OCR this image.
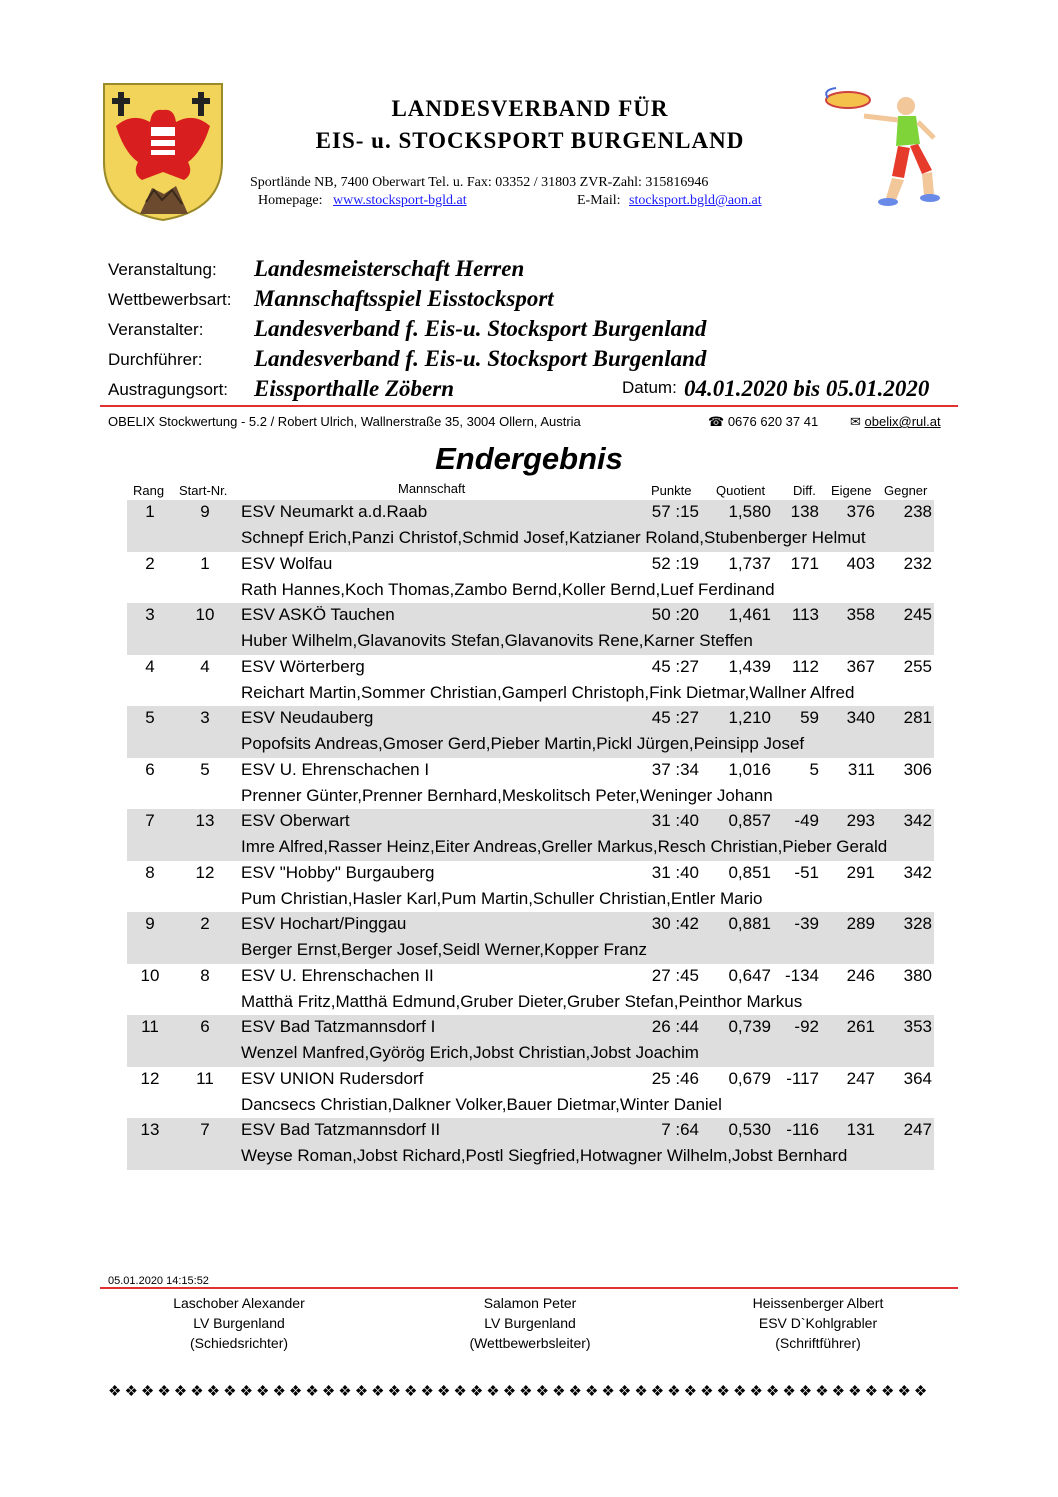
LANDESVERBAND FÜR
EIS- u. STOCKSPORT BURGENLAND
Sportlände NB, 7400 Oberwart Tel. u. Fax: 03352 / 31803 ZVR-Zahl: 315816946
Homepage: www.stocksport-bgld.at	E-Mail: stocksport.bgld@aon.at
Veranstaltung: Landesmeisterschaft Herren
Wettbewerbsart: Mannschaftsspiel Eisstocksport
Veranstalter: Landesverband f. Eis-u. Stocksport Burgenland
Durchführer: Landesverband f. Eis-u. Stocksport Burgenland
Austragungsort: Eissporthalle Zöbern	Datum: 04.01.2020 bis 05.01.2020
OBELIX Stockwertung - 5.2 / Robert Ulrich, Wallnerstraße 35, 3004 Ollern, Austria	☎ 0676 620 37 41 ✉ obelix@rul.at
Endergebnis
Rang Start-Nr.	Mannschaft	Punkte Quotient Diff. Eigene Gegner
1	9	ESV Neumarkt a.d.Raab	57 :15	1,580	138	376	238
Schnepf Erich,Panzi Christof,Schmid Josef,Katzianer Roland,Stubenberger Helmut
2	1	ESV Wolfau	52 :19	1,737	171	403	232
Rath Hannes,Koch Thomas,Zambo Bernd,Koller Bernd,Luef Ferdinand
3	10	ESV ASKÖ Tauchen	50 :20	1,461	113	358	245
Huber Wilhelm,Glavanovits Stefan,Glavanovits Rene,Karner Steffen
4	4	ESV Wörterberg	45 :27	1,439	112	367	255
Reichart Martin,Sommer Christian,Gamperl Christoph,Fink Dietmar,Wallner Alfred
5	3	ESV Neudauberg	45 :27	1,210	59	340	281
Popofsits Andreas,Gmoser Gerd,Pieber Martin,Pickl Jürgen,Peinsipp Josef
6	5	ESV U. Ehrenschachen I	37 :34	1,016	5	311	306
Prenner Günter,Prenner Bernhard,Meskolitsch Peter,Weninger Johann
7	13	ESV Oberwart	31 :40	0,857	-49	293	342
Imre Alfred,Rasser Heinz,Eiter Andreas,Greller Markus,Resch Christian,Pieber Gerald
8	12	ESV "Hobby" Burgauberg	31 :40	0,851	-51	291	342
Pum Christian,Hasler Karl,Pum Martin,Schuller Christian,Entler Mario
9	2	ESV Hochart/Pinggau	30 :42	0,881	-39	289	328
Berger Ernst,Berger Josef,Seidl Werner,Kopper Franz
10	8	ESV U. Ehrenschachen II	27 :45	0,647 -134	246	380
Matthä Fritz,Matthä Edmund,Gruber Dieter,Gruber Stefan,Peinthor Markus
11	6	ESV Bad Tatzmannsdorf I	26 :44	0,739	-92	261	353
Wenzel Manfred,Györög Erich,Jobst Christian,Jobst Joachim
12	11	ESV UNION Rudersdorf	25 :46	0,679 -117	247	364
Dancsecs Christian,Dalkner Volker,Bauer Dietmar,Winter Daniel
13	7	ESV Bad Tatzmannsdorf II	7 :64	0,530 -116	131	247
Weyse Roman,Jobst Richard,Postl Siegfried,Hotwagner Wilhelm,Jobst Bernhard
05.01.2020 14:15:52
Laschober Alexander
LV Burgenland
(Schiedsrichter)
Salamon Peter
LV Burgenland
(Wettbewerbsleiter)
Heissenberger Albert
ESV D`Kohlgrabler
(Schriftführer)
❖❖❖❖❖❖❖❖❖❖❖❖❖❖❖❖❖❖❖❖❖❖❖❖❖❖❖❖❖❖❖❖❖❖❖❖❖❖❖❖❖❖❖❖❖❖❖❖❖❖
